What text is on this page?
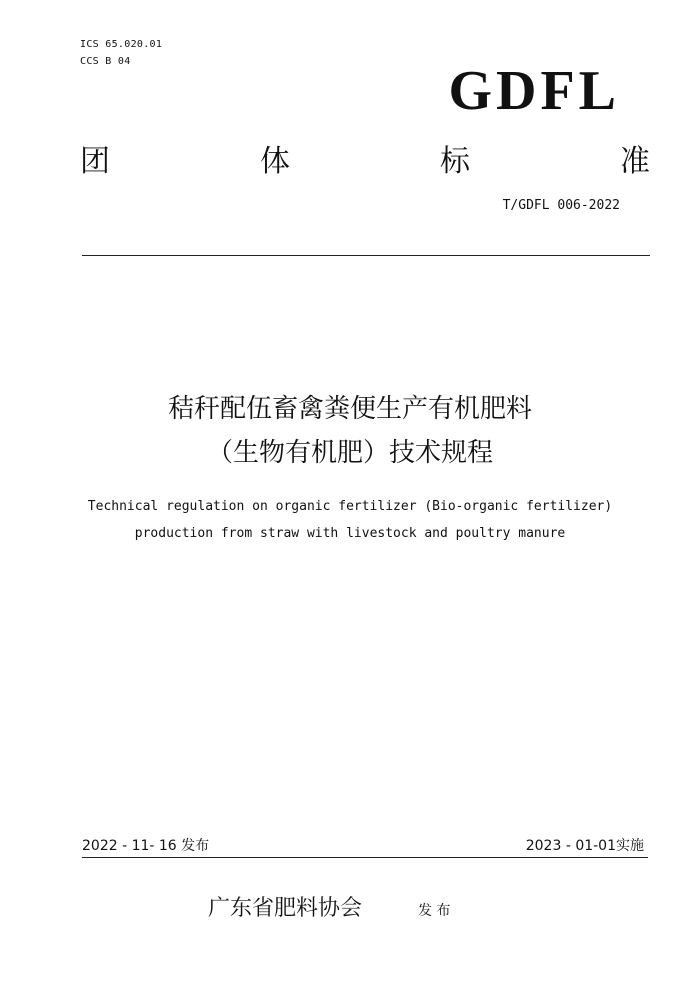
ICS 65.020.01
CCS B 04	GDFL
团	体	标	准
T/GDFL 006-2022
秸秆配伍畜禽粪便生产有机肥料
（生物有机肥）技术规程
Technical regulation on organic fertilizer (Bio-organic fertilizer)
production from straw with livestock and poultry manure
2022 - 11- 16 发布	2023 - 01-01实施
广东省肥料协会	发 布
